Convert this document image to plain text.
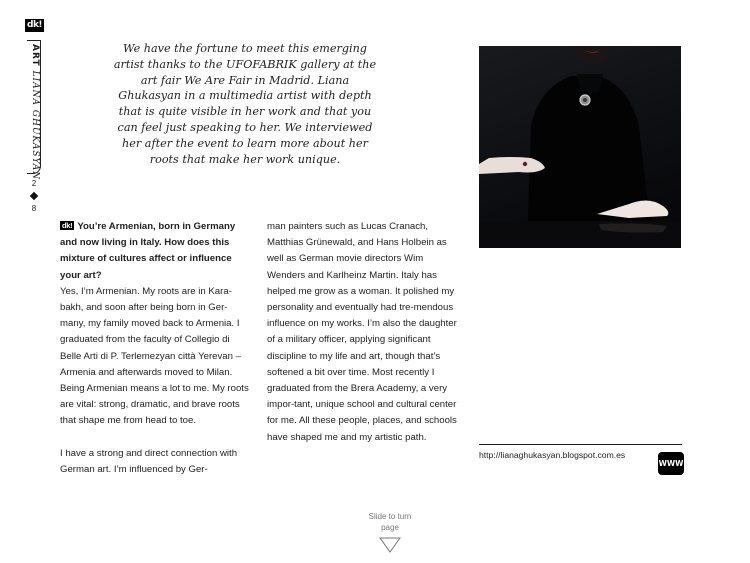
dk!
ARTLIANA GHUKASYAN
2
8
We have the fortune to meet this emerging artist thanks to the UFOFABRIK gallery at the art fair We Are Fair in Madrid. Liana Ghukasyan in a multimedia artist with depth that is quite visible in her work and that you can feel just speaking to her. We interviewed her after the event to learn more about her roots that make her work unique.

dk! You’re Armenian, born in Germany and now living in Italy. How does this mixture of cultures affect or influence your art?

Yes, I’m Armenian. My roots are in Kara-bakh, and soon after being born in Ger-many, my family moved back to Armenia. I graduated from the faculty of Collegio di Belle Arti di P. Terlemezyan città Yerevan – Armenia and afterwards moved to Milan. Being Armenian means a lot to me. My roots are vital: strong, dramatic, and brave roots that shape me from head to toe.

I have a strong and direct connection with German art. I’m influenced by Ger-

man painters such as Lucas Cranach, Matthias Grünewald, and Hans Holbein as well as German movie directors Wim Wenders and Karlheinz Martin. Italy has helped me grow as a woman. It polished my personality and eventually had tre-mendous influence on my works. I’m also the daughter of a military officer, applying significant discipline to my life and art, though that’s softened a bit over time. Most recently I graduated from the Brera Academy, a very impor-tant, unique school and cultural center for me. All these people, places, and schools have shaped me and my artistic path.

http://lianaghukasyan.blogspot.com.es
WWW
Slide to turn
page
